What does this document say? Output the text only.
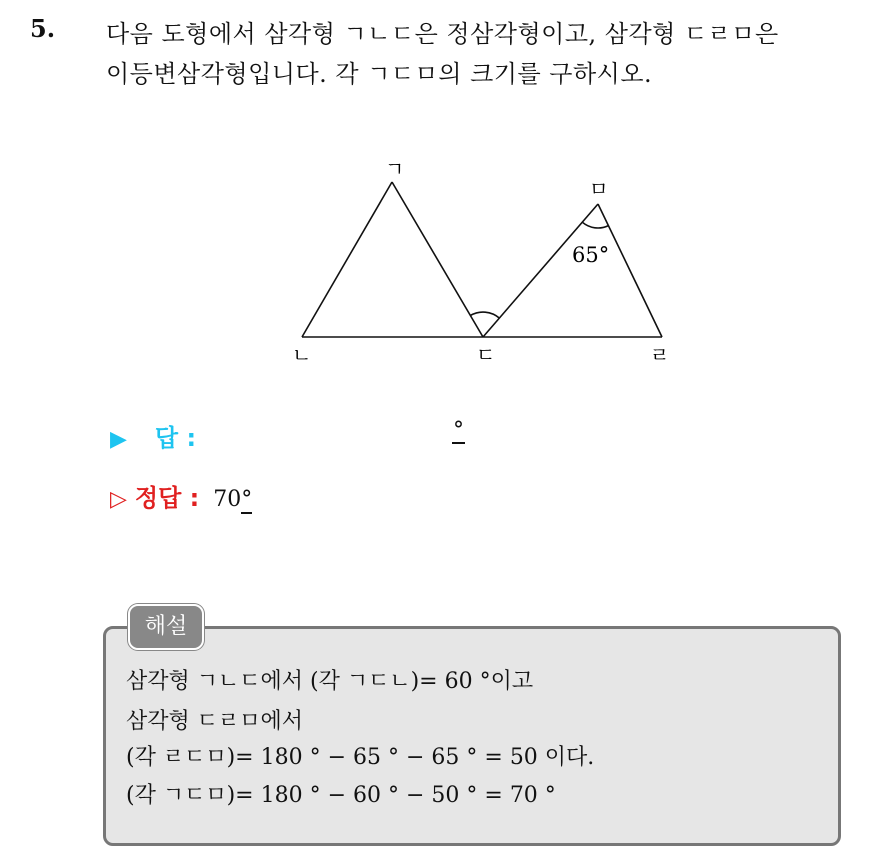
5. 다음 도형에서 삼각형 ㄱㄴㄷ은 정삼각형이고, 삼각형 ㄷㄹㅁ은
이등변삼각형입니다. 각 ㄱㄷㅁ의 크기를 구하시오.
ㄱ
ㄴ	ㄷ	ㄹ
ㅁ
65°
▶ 답 :	°
▷ 정답 : 70°
해설
삼각형 ㄱㄴㄷ에서 (각 ㄱㄷㄴ)= 60 °이고
삼각형 ㄷㄹㅁ에서
(각 ㄹㄷㅁ)= 180 ° − 65 ° − 65 ° = 50 이다.
(각 ㄱㄷㅁ)= 180 ° − 60 ° − 50 ° = 70 °
